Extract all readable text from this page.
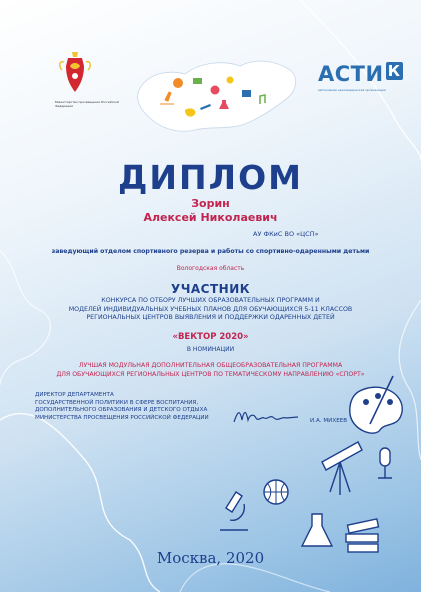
Министерство просвещения Российской Федерации
АСТИ К
автономная некоммерческая организация
ДИПЛОМ
Зорин
Алексей Николаевич
АУ ФКиС ВО «ЦСП»
заведующий отделом спортивного резерва и работы со спортивно-одаренными детьми
Вологодская область
УЧАСТНИК
КОНКУРСА ПО ОТБОРУ ЛУЧШИХ ОБРАЗОВАТЕЛЬНЫХ ПРОГРАММ И
МОДЕЛЕЙ ИНДИВИДУАЛЬНЫХ УЧЕБНЫХ ПЛАНОВ ДЛЯ ОБУЧАЮЩИХСЯ 5-11 КЛАССОВ
РЕГИОНАЛЬНЫХ ЦЕНТРОВ ВЫЯВЛЕНИЯ И ПОДДЕРЖКИ ОДАРЕННЫХ ДЕТЕЙ
«ВЕКТОР 2020»
В НОМИНАЦИИ
ЛУЧШАЯ МОДУЛЬНАЯ ДОПОЛНИТЕЛЬНАЯ ОБЩЕОБРАЗОВАТЕЛЬНАЯ ПРОГРАММА
ДЛЯ ОБУЧАЮЩИХСЯ РЕГИОНАЛЬНЫХ ЦЕНТРОВ ПО ТЕМАТИЧЕСКОМУ НАПРАВЛЕНИЮ «СПОРТ»
ДИРЕКТОР ДЕПАРТАМЕНТА
ГОСУДАРСТВЕННОЙ ПОЛИТИКИ В СФЕРЕ ВОСПИТАНИЯ,
ДОПОЛНИТЕЛЬНОГО ОБРАЗОВАНИЯ И ДЕТСКОГО ОТДЫХА
МИНИСТЕРСТВА ПРОСВЕЩЕНИЯ РОССИЙСКОЙ ФЕДЕРАЦИИ
И.А. МИХЕЕВ
Москва, 2020
